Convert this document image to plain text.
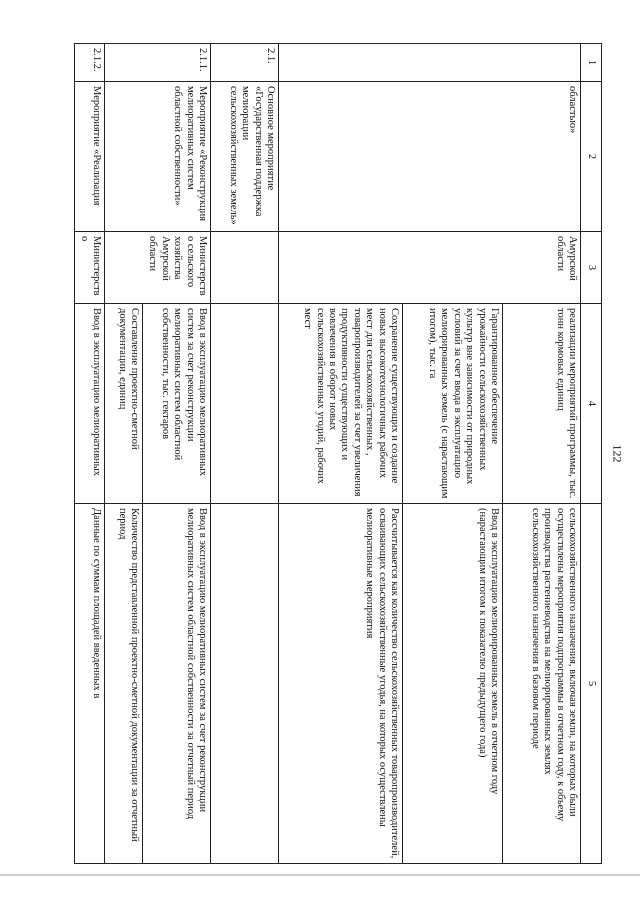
122
1	2	3	4	5
	областью»	Амурской области	реализации мероприятий программы, тыс. тонн кормовых единиц	сельскохозяйственного назначения, включая земли, на которых были осуществлены мероприятия подпрограммы в отчетном году, к объему производства растениеводства на мелиорированных землях сельскохозяйственного назначения в базовом периоде
			Гарантированное обеспечение урожайности сельскохозяйственных культур вне зависимости от природных условий за счет ввода в эксплуатацию мелиорированных земель (с нарастающим итогом), тыс. га	Ввод в эксплуатацию мелиорированных земель в отчетном году (нарастающим итогом к показателю предыдущего года)
			Сохранение существующих и создание новых высокотехнологичных рабочих мест для сельскохозяйственных , товаропроизводителей за счет увеличения продуктивности существующих и вовлечения в оборот новых сельскохозяйственных угодий, рабочих мест	Рассчитывается как количество сельскохозяйственных товаропроизводителей, осваивающих сельскохозяйственные угодья, на которых осуществлены мелиоративные мероприятия
2.1.	Основное мероприятие «Государственная поддержка мелиорации сельскохозяйственных земель»			
2.1.1.	Мероприятие «Реконструкция мелиоративных систем областной собственности»	Министерство сельского хозяйства Амурской области	Ввод в эксплуатацию мелиоративных систем за счет реконструкции мелиоративных систем областной собственности, тыс. гектаров	Ввод в эксплуатацию мелиоративных систем за счет реконструкции мелиоративных систем областной собственности за отчетный период
			Составление проектно-сметной документации, единиц	Количество представленной проектно-сметной документации за отчетный период
2.1.2.	Мероприятие «Реализация	Министерство	Ввод в эксплуатацию мелиоративных	Данные по суммам площадей введенных в
